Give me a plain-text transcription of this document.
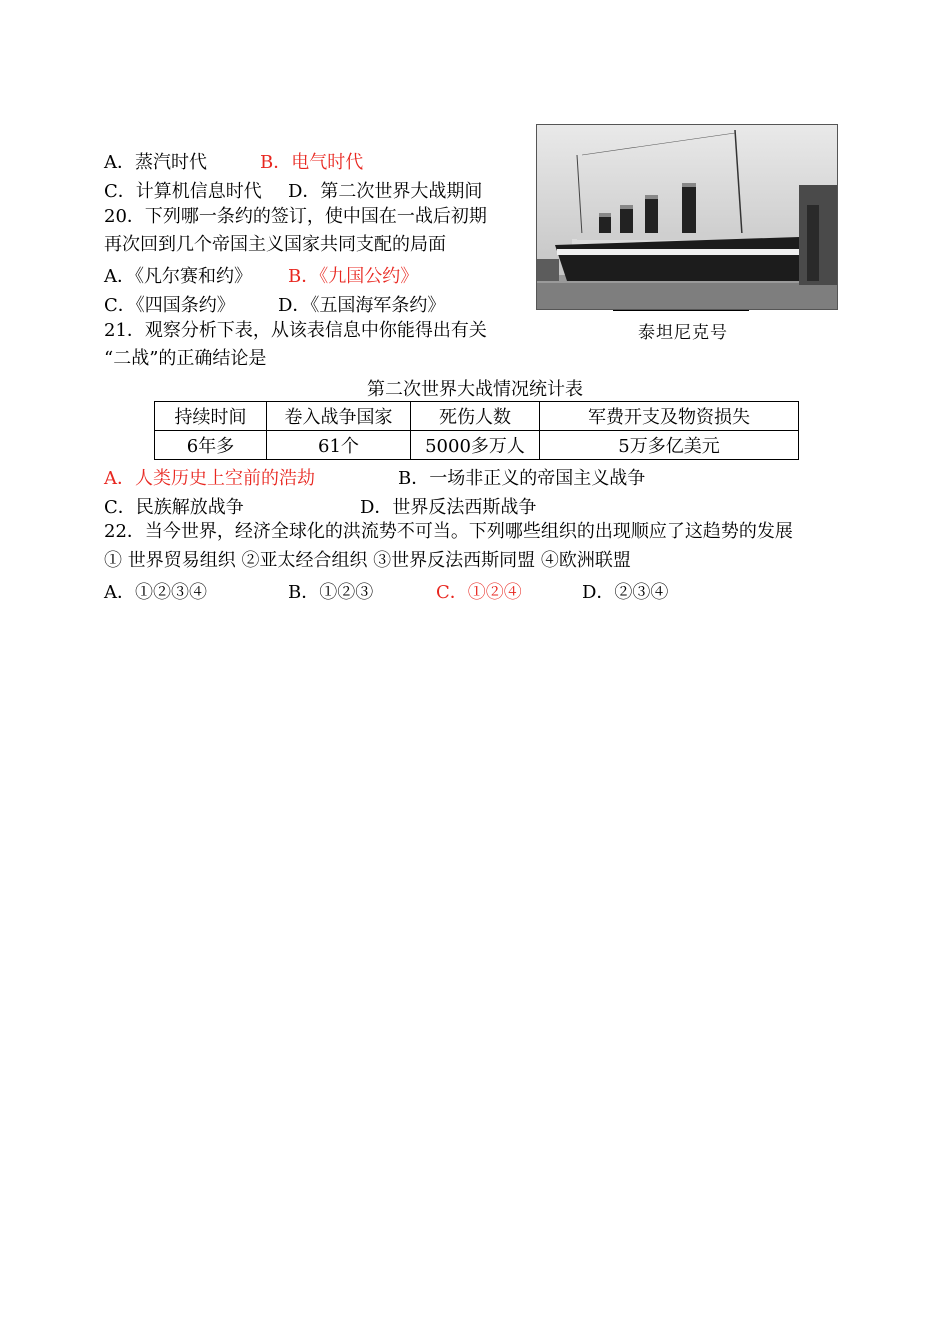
A．蒸汽时代	B．电气时代
C．计算机信息时代 D．第二次世界大战期间
20．下列哪一条约的签订，使中国在一战后初期
再次回到几个帝国主义国家共同支配的局面
A．《凡尔赛和约》 B．《九国公约》
C．《四国条约》 D．《五国海军条约》
泰坦尼克号
21．观察分析下表，从该表信息中你能得出有关
“二战”的正确结论是
第二次世界大战情况统计表
持续时间	卷入战争国家	死伤人数	军费开支及物资损失
6年多	61个	5000多万人	5万多亿美元
A．人类历史上空前的浩劫	B．一场非正义的帝国主义战争
C．民族解放战争	D．世界反法西斯战争
22．当今世界，经济全球化的洪流势不可当。下列哪些组织的出现顺应了这趋势的发展
① 世界贸易组织 ②亚太经合组织 ③世界反法西斯同盟 ④欧洲联盟
A．①②③④	B．①②③	C．①②④	D．②③④
